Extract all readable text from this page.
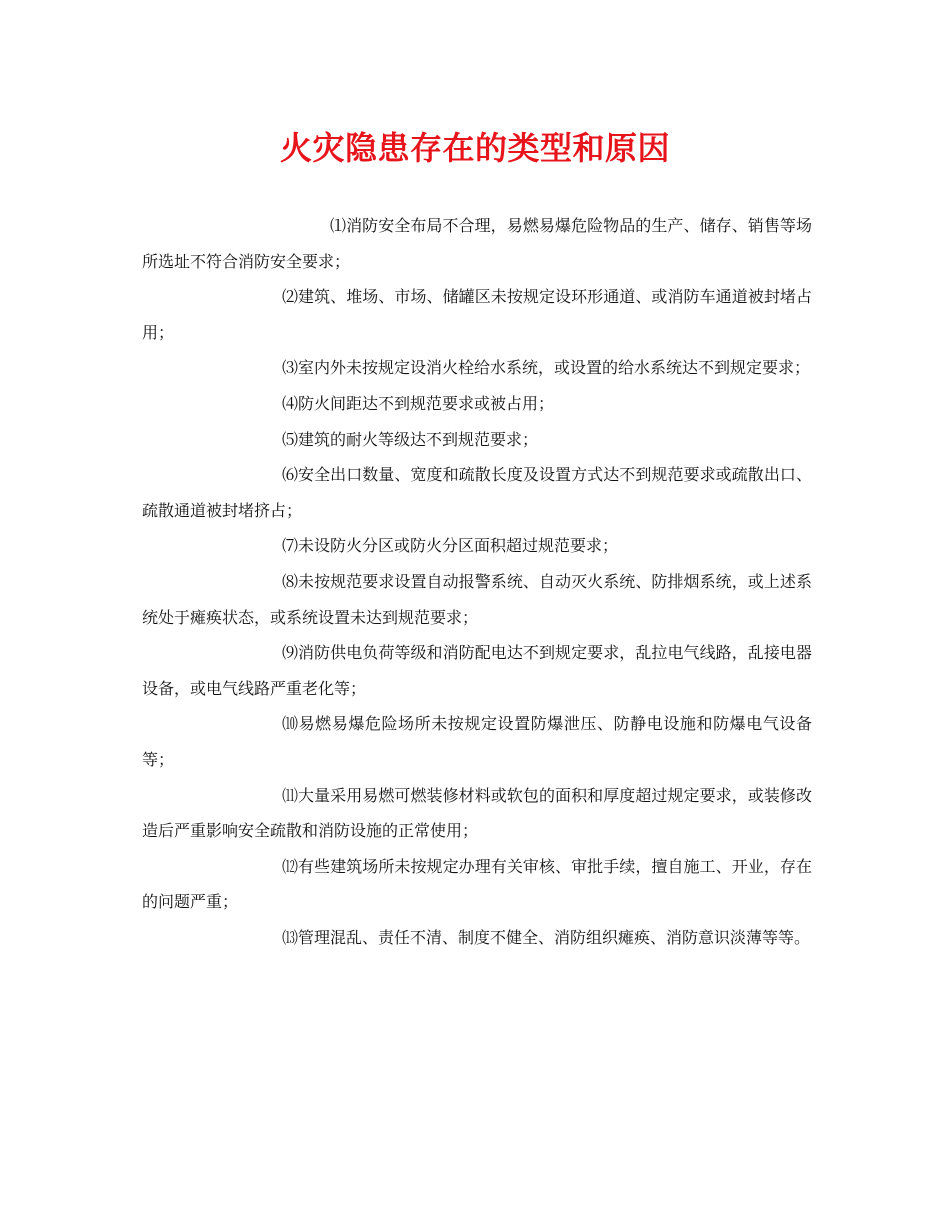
火灾隐患存在的类型和原因

⑴消防安全布局不合理，易燃易爆危险物品的生产、储存、销售等场所选址不符合消防安全要求；

⑵建筑、堆场、市场、储罐区未按规定设环形通道、或消防车通道被封堵占用；

⑶室内外未按规定设消火栓给水系统，或设置的给水系统达不到规定要求；

⑷防火间距达不到规范要求或被占用；

⑸建筑的耐火等级达不到规范要求；

⑹安全出口数量、宽度和疏散长度及设置方式达不到规范要求或疏散出口、疏散通道被封堵挤占；

⑺未设防火分区或防火分区面积超过规范要求；

⑻未按规范要求设置自动报警系统、自动灭火系统、防排烟系统，或上述系统处于瘫痪状态，或系统设置未达到规范要求；

⑼消防供电负荷等级和消防配电达不到规定要求，乱拉电气线路，乱接电器设备，或电气线路严重老化等；

⑽易燃易爆危险场所未按规定设置防爆泄压、防静电设施和防爆电气设备等；

⑾大量采用易燃可燃装修材料或软包的面积和厚度超过规定要求，或装修改造后严重影响安全疏散和消防设施的正常使用；

⑿有些建筑场所未按规定办理有关审核、审批手续，擅自施工、开业，存在的问题严重；

⒀管理混乱、责任不清、制度不健全、消防组织瘫痪、消防意识淡薄等等。
